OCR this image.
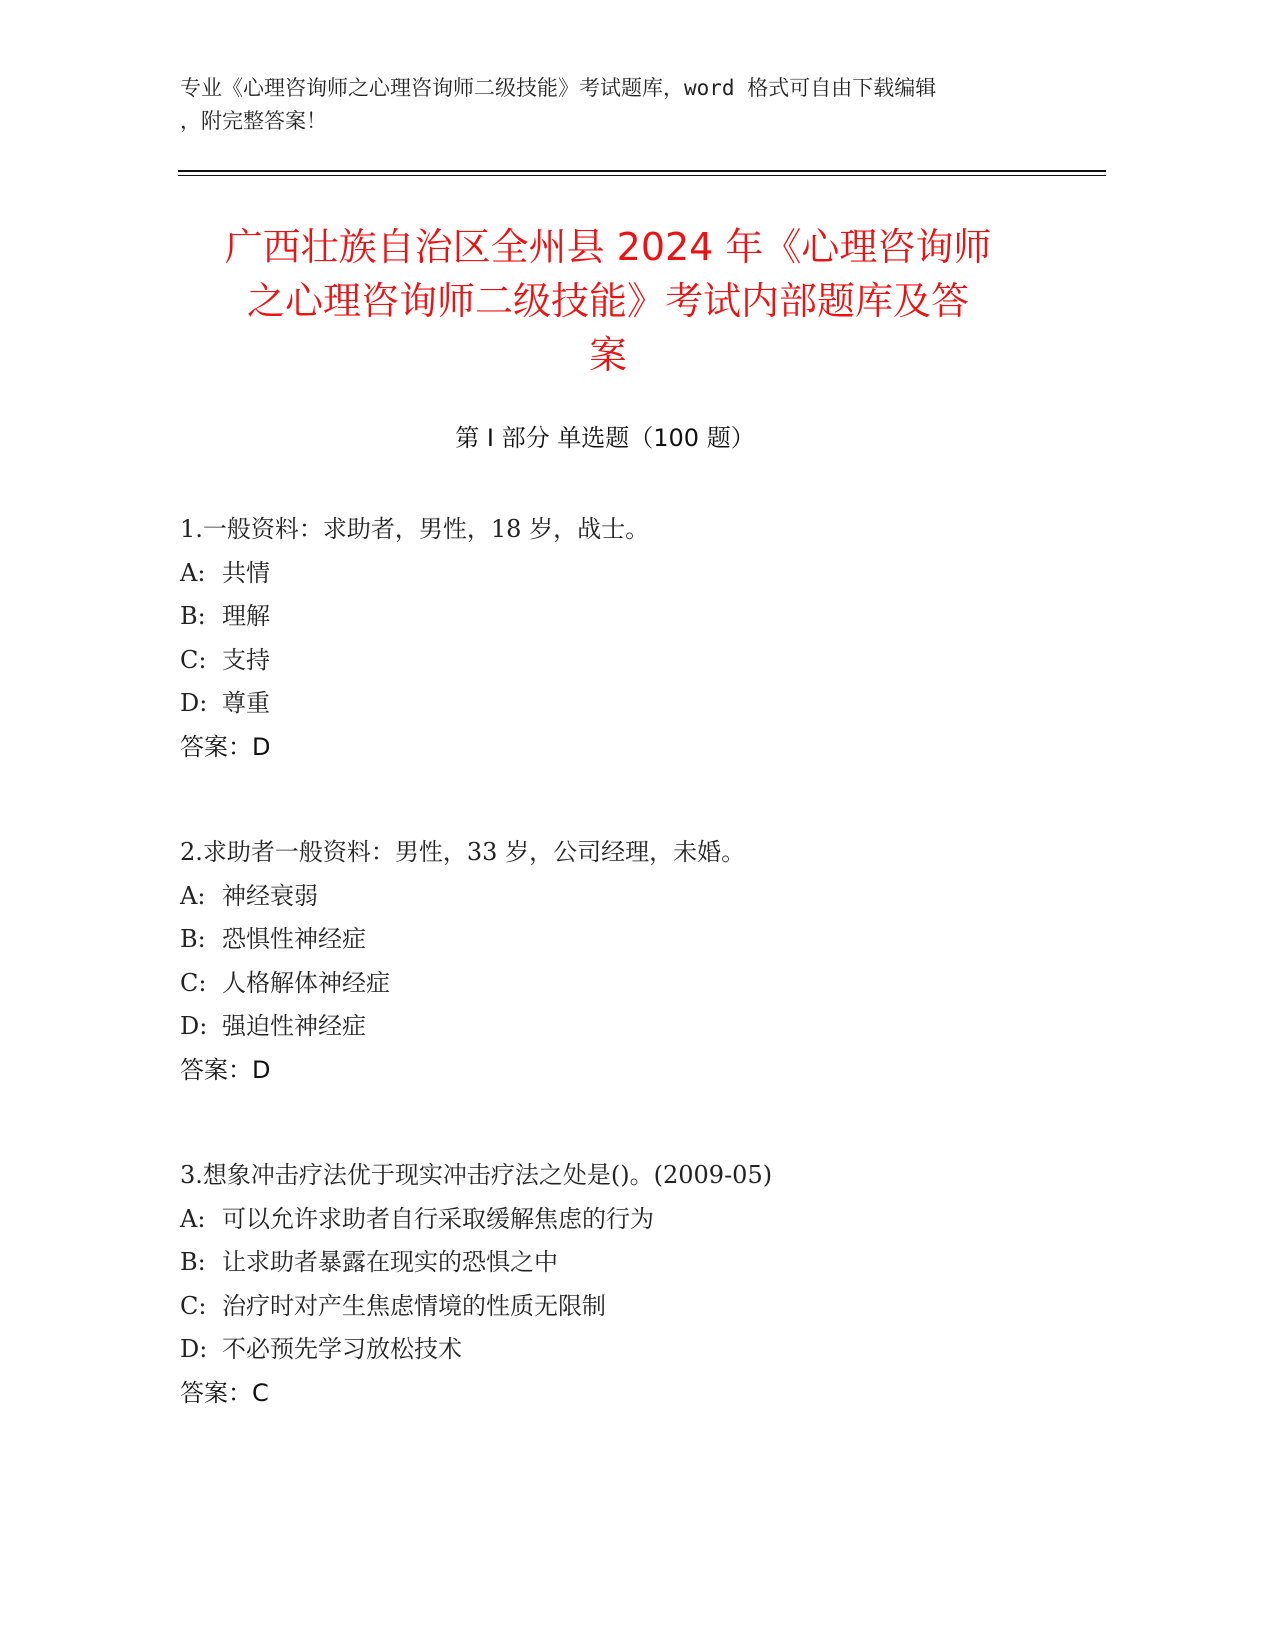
专业《心理咨询师之心理咨询师二级技能》考试题库，word 格式可自由下载编辑
，附完整答案！
广西壮族自治区全州县 2024 年《心理咨询师
之心理咨询师二级技能》考试内部题库及答
案
第 I 部分 单选题（100 题）
1.一般资料：求助者，男性，18 岁，战士。
A: 共情
B: 理解
C: 支持
D: 尊重
答案：D
2.求助者一般资料：男性，33 岁，公司经理，未婚。
A: 神经衰弱
B: 恐惧性神经症
C: 人格解体神经症
D: 强迫性神经症
答案：D
3.想象冲击疗法优于现实冲击疗法之处是()。(2009-05)
A: 可以允许求助者自行采取缓解焦虑的行为
B: 让求助者暴露在现实的恐惧之中
C: 治疗时对产生焦虑情境的性质无限制
D: 不必预先学习放松技术
答案：C
